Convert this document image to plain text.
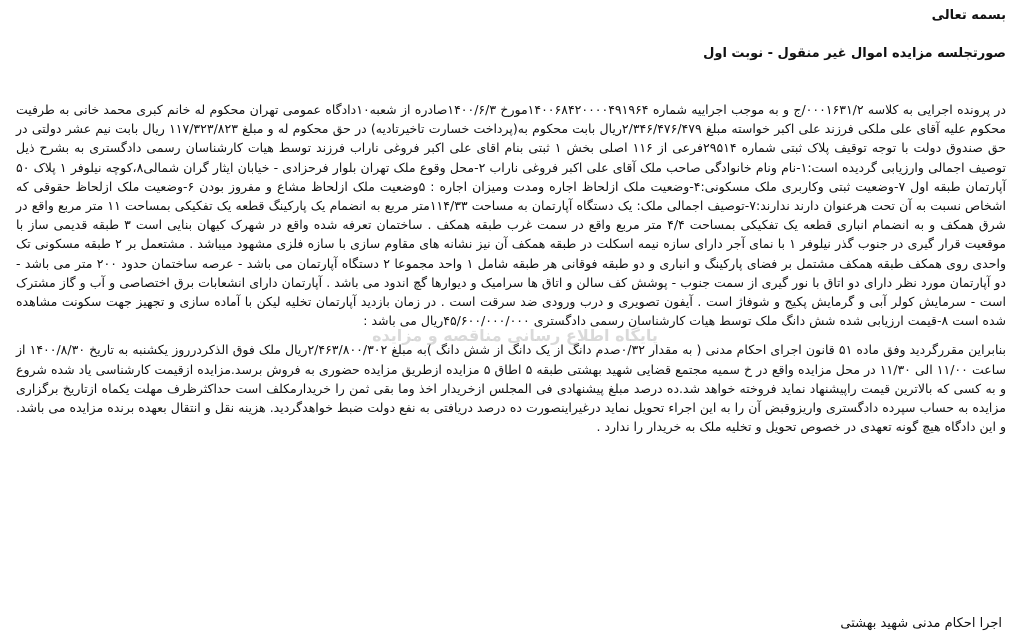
بسمه تعالی

صورتجلسه مزایده اموال غیر منقول - نوبت اول

در پرونده اجرایی به کلاسه ۰۰۰۱۶۳۱/۲/ج و به موجب اجراییه شماره ۱۴۰۰۶۸۴۲۰۰۰۰۴۹۱۹۶۴مورخ ۱۴۰۰/۶/۳صادره از شعبه۱۰دادگاه عمومی تهران محکوم له خانم کبری محمد خانی به طرفیت محکوم علیه آقای علی ملکی فرزند علی اکبر خواسته مبلغ ۲/۳۴۶/۴۷۶/۴۷۹ریال بابت محکوم به(پرداخت خسارت تاخیرتادیه) در حق محکوم له و مبلغ ۱۱۷/۳۲۳/۸۲۳ ریال بابت نیم عشر دولتی در حق صندوق دولت با توجه توقیف پلاک ثبتی شماره ۲۹۵۱۴فرعی از ۱۱۶ اصلی بخش ۱ ثبتی بنام اقای علی اکبر فروغی ناراب فرزند توسط هیات کارشناسان رسمی دادگستری به بشرح ذیل توصیف اجمالی وارزیابی گردیده است:۱-نام ونام خانوادگی صاحب ملک آقای علی اکبر فروغی ناراب ۲-محل وقوع ملک تهران بلوار فرحزادی - خیابان ایثار گران شمالی۸،کوچه نیلوفر ۱ پلاک ۵۰ آپارتمان طبقه اول ۷-وضعیت ثبتی وکاربری ملک مسکونی:۴-وضعیت ملک ازلحاظ اجاره ومدت ومیزان اجاره : ۵وضعیت ملک ازلحاظ مشاع و مفروز بودن ۶-وضعیت ملک ازلحاظ حقوقی که اشخاص نسبت به آن تحت هرعنوان دارند ندارند:۷-توصیف اجمالی ملک: یک دستگاه آپارتمان به مساحت ۱۱۴/۳۳متر مربع به انضمام یک پارکینگ قطعه یک تفکیکی بمساحت ۱۱ متر مربع واقع در شرق همکف و به انضمام انباری قطعه یک تفکیکی بمساحت ۴/۴ متر مربع واقع در سمت غرب طبقه همکف . ساختمان تعرفه شده واقع در شهرک کیهان بنایی است ۳ طبقه قدیمی ساز با موقعیت قرار گیری در جنوب گذر نیلوفر ۱ با نمای آجر دارای سازه نیمه اسکلت در طبقه همکف آن نیز نشانه های مقاوم سازی با سازه فلزی مشهود میباشد . مشتعمل بر ۲ طبقه مسکونی تک واحدی روی همکف طبقه همکف مشتمل بر فضای پارکینگ و انباری و دو طبقه فوقانی هر طبقه شامل ۱ واحد مجموعا ۲ دستگاه آپارتمان می باشد - عرصه ساختمان حدود ۲۰۰ متر می باشد - دو آپارتمان مورد نظر دارای دو اتاق با نور گیری از سمت جنوب - پوشش کف سالن و اتاق ها سرامیک و دیوارها گچ اندود می باشد . آپارتمان دارای انشعابات برق اختصاصی و آب و گاز مشترک است - سرمایش کولر آبی و گرمایش پکیج و شوفاژ است . آیفون تصویری و درب ورودی ضد سرقت است . در زمان بازدید آپارتمان تخلیه لیکن با آماده سازی و تجهیز جهت سکونت مشاهده شده است ۸-قیمت ارزیابی شده شش دانگ ملک توسط هیات کارشناسان رسمی دادگستری ۴۵/۶۰۰/۰۰۰/۰۰۰ریال می باشد :

بنابراین مقررگردید وفق ماده ۵۱ قانون اجرای احکام مدنی ( به مقدار ۰/۳۲صدم دانگ از یک دانگ از شش دانگ )به مبلغ ۲/۴۶۳/۸۰۰/۳۰۲ریال ملک فوق الذکردرروز یکشنبه به تاریخ ۱۴۰۰/۸/۳۰ از ساعت ۱۱/۰۰ الی ۱۱/۳۰ در محل مزایده واقع در خ سمیه مجتمع قضایی شهید بهشتی طبقه ۵ اطاق ۵ مزایده ازطریق مزایده حضوری به فروش برسد.مزایده ازقیمت کارشناسی یاد شده شروع و به کسی که بالاترین قیمت راپیشنهاد نماید فروخته خواهد شد.ده درصد مبلغ پیشنهادی فی المجلس ازخریدار اخذ وما بقی ثمن را خریدارمکلف است حداکثرظرف مهلت یکماه ازتاریخ برگزاری مزایده به حساب سپرده دادگستری واریزوقبض آن را به این اجراء تحویل نماید درغیراینصورت ده درصد دریافتی به نفع دولت ضبط خواهدگردید. هزینه نقل و انتقال بعهده برنده مزایده می باشد. و این دادگاه هیچ گونه تعهدی در خصوص تحویل و تخلیه ملک به خریدار را ندارد .

اجرا احکام مدنی شهید بهشتی
پایگاه اطلاع رسانی مناقصه و مزایده
